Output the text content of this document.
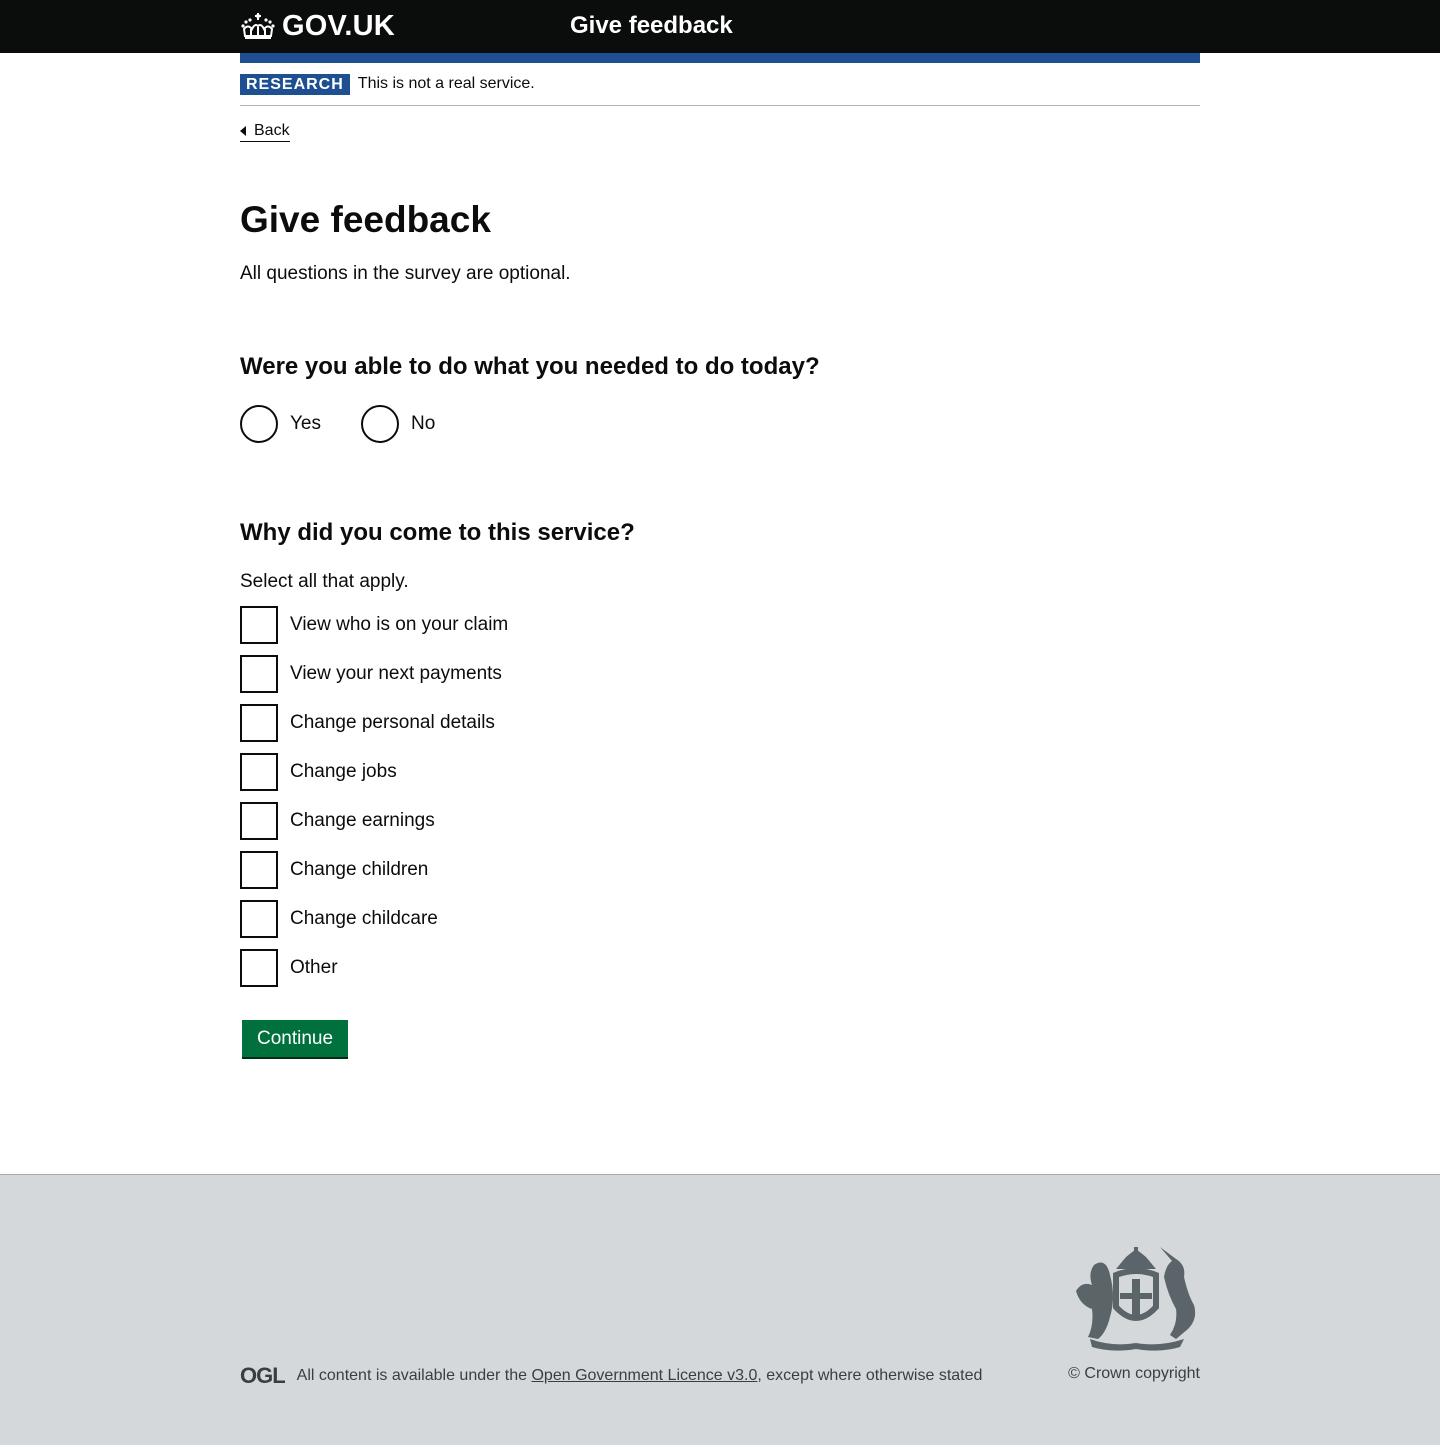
GOV.UK	Give feedback
RESEARCH This is not a real service.
Back
Give feedback

All questions in the survey are optional.

Were you able to do what you needed to do today?
Yes	No
Why did you come to this service?

Select all that apply.

View who is on your claim
View your next payments
Change personal details
Change jobs
Change earnings
Change children
Change childcare
Other
Continue
OGL All content is available under the Open Government Licence v3.0, except where otherwise stated	© Crown copyright
